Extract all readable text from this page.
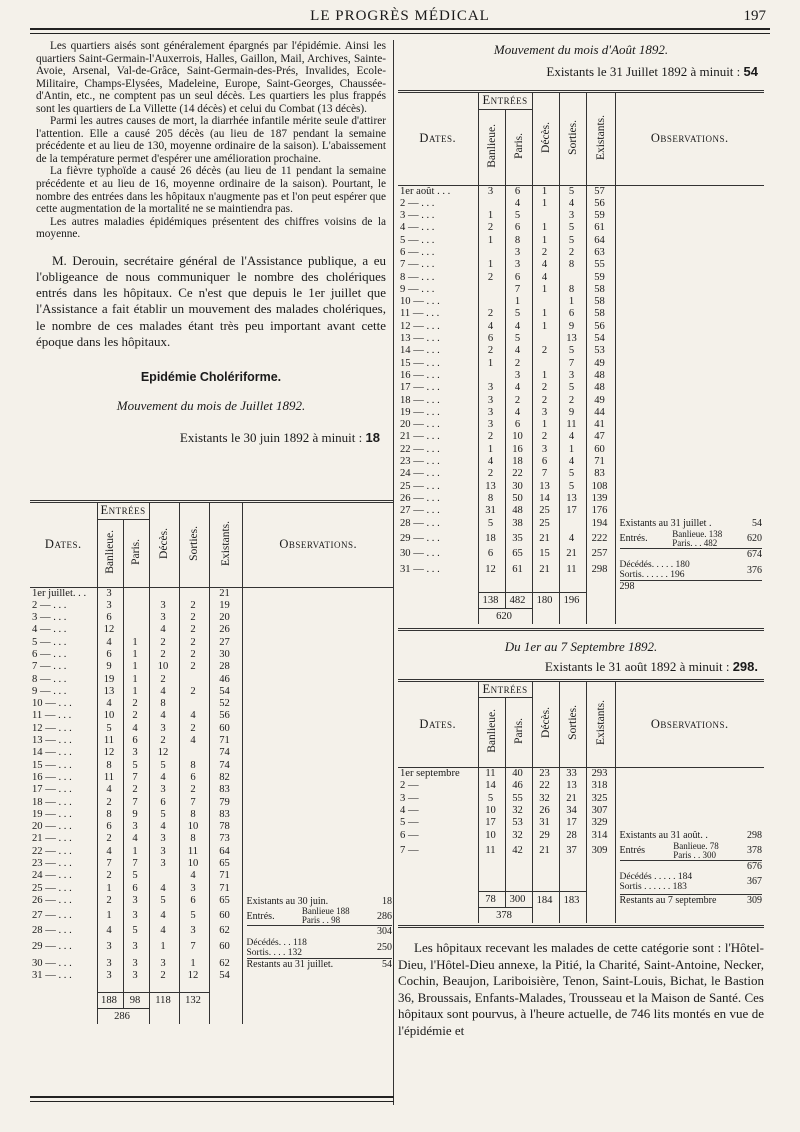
LE PROGRÈS MÉDICAL	197

Les quartiers aisés sont généralement épargnés par l'épidémie. Ainsi les quartiers Saint-Germain-l'Auxerrois, Halles, Gaillon, Mail, Archives, Sainte-Avoie, Arsenal, Val-de-Grâce, Saint-Germain-des-Prés, Invalides, Ecole-Militaire, Champs-Elysées, Madeleine, Europe, Saint-Georges, Chaussée-d'Antin, etc., ne comptent pas un seul décès. Les quartiers les plus frappés sont les quartiers de La Villette (14 décès) et celui du Combat (13 décès).

Parmi les autres causes de mort, la diarrhée infantile mérite seule d'attirer l'attention. Elle a causé 205 décès (au lieu de 187 pendant la semaine précédente et au lieu de 130, moyenne ordinaire de la saison). L'abaissement de la température permet d'espérer une amélioration prochaine.

La fièvre typhoïde a causé 26 décès (au lieu de 11 pendant la semaine précédente et au lieu de 16, moyenne ordinaire de la saison). Pourtant, le nombre des entrées dans les hôpitaux n'augmente pas et l'on peut espérer que cette augmentation de la mortalité ne se maintiendra pas.

Les autres maladies épidémiques présentent des chiffres voisins de la moyenne.

M. Derouin, secrétaire général de l'Assistance publique, a eu l'obligeance de nous communiquer le nombre des cholériques entrés dans les hôpitaux. Ce n'est que depuis le 1er juillet que l'Assistance a fait établir un mouvement des malades cholériques, le nombre de ces malades étant très peu important avant cette époque dans les hôpitaux.

Epidémie Cholériforme.
Mouvement du mois de Juillet 1892.
Existants le 30 juin 1892 à minuit : 18
Dates.	Entrées		Décès.	Sorties.	Existants.	Observations.
	Banlieue.	Paris.				
1er juillet. . .	3				21	
2 — . . .	3		3	2	19	
3 — . . .	6		3	2	20	
4 — . . .	12		4	2	26	
5 — . . .	4	1	2	2	27	
6 — . . .	6	1	2	2	30	
7 — . . .	9	1	10	2	28	
8 — . . .	19	1	2		46	
9 — . . .	13	1	4	2	54	
10 — . . .	4	2	8		52	
11 — . . .	10	2	4	4	56	
12 — . . .	5	4	3	2	60	
13 — . . .	11	6	2	4	71	
14 — . . .	12	3	12		74	
15 — . . .	8	5	5	8	74	
16 — . . .	11	7	4	6	82	
17 — . . .	4	2	3	2	83	
18 — . . .	2	7	6	7	79	
19 — . . .	8	9	5	8	83	
20 — . . .	6	3	4	10	78	
21 — . . .	2	4	3	8	73	
22 — . . .	4	1	3	11	64	
23 — . . .	7	7	3	10	65	
24 — . . .	2	5		4	71	
25 — . . .	1	6	4	3	71	
26 — . . .	2	3	5	6	65	Existants au 30 juin. 18

27 — . . .	1	3	4	5	60	Entrés. Banlieue 188
Paris . . 98 286

28 — . . .	4	5	4	3	62	304

29 — . . .	3	3	1	7	60	Décédés. . . 118
Sortis. . . . 132 250

30 — . . .	3	3	3	1	62	Restants au 31 juillet. 54

31 — . . .	3	3	2	12	54	

	188	98	118	132		
	286					
Mouvement du mois d'Août 1892.
Existants le 31 Juillet 1892 à minuit : 54
Dates.	Entrées		Décès.	Sorties.	Existants.	Observations.
	Banlieue.	Paris.				
1er août . . .	3	6	1	5	57	
2 — . . .		4	1	4	56	
3 — . . .	1	5		3	59	
4 — . . .	2	6	1	5	61	
5 — . . .	1	8	1	5	64	
6 — . . .		3	2	2	63	
7 — . . .	1	3	4	8	55	
8 — . . .	2	6	4		59	
9 — . . .		7	1	8	58	
10 — . . .		1		1	58	
11 — . . .	2	5	1	6	58	
12 — . . .	4	4	1	9	56	
13 — . . .	6	5		13	54	
14 — . . .	2	4	2	5	53	
15 — . . .	1	2		7	49	
16 — . . .		3	1	3	48	
17 — . . .	3	4	2	5	48	
18 — . . .	3	2	2	2	49	
19 — . . .	3	4	3	9	44	
20 — . . .	3	6	1	11	41	
21 — . . .	2	10	2	4	47	
22 — . . .	1	16	3	1	60	
23 — . . .	4	18	6	4	71	
24 — . . .	2	22	7	5	83	
25 — . . .	13	30	13	5	108	
26 — . . .	8	50	14	13	139	
27 — . . .	31	48	25	17	176	
28 — . . .	5	38	25		194	Existants au 31 juillet . 54

29 — . . .	18	35	21	4	222	Entrés. Banlieue. 138
Paris. . . 482 620

30 — . . .	6	65	15	21	257	674

31 — . . .	12	61	21	11	298	Décédés. . . . . 180
Sortis. . . . . . 196 376

						298

	138	482	180	196		
	620					
Du 1er au 7 Septembre 1892.
Existants le 31 août 1892 à minuit : 298.
Dates.	Entrées		Décès.	Sorties.	Existants.	Observations.
	Banlieue.	Paris.				
1er septembre	11	40	23	33	293	
2 —	14	46	22	13	318	
3 —	5	55	32	21	325	
4 —	10	32	26	34	307	
5 —	17	53	31	17	329	
6 —	10	32	29	28	314	Existants au 31 août. . 298

7 —	11	42	21	37	309	Entrés Banlieue. 78
Paris . . 300 378

						676

						Décédés . . . . . 184
Sortis . . . . . . 183 367

	78	300	184	183		Restants au 7 septembre 309

	378					

Les hôpitaux recevant les malades de cette catégorie sont : l'Hôtel-Dieu, l'Hôtel-Dieu annexe, la Pitié, la Charité, Saint-Antoine, Necker, Cochin, Beaujon, Lariboisière, Tenon, Saint-Louis, Bichat, le Bastion 36, Broussais, Enfants-Malades, Trousseau et la Maison de Santé. Ces hôpitaux sont pourvus, à l'heure actuelle, de 746 lits montés en vue de l'épidémie et
